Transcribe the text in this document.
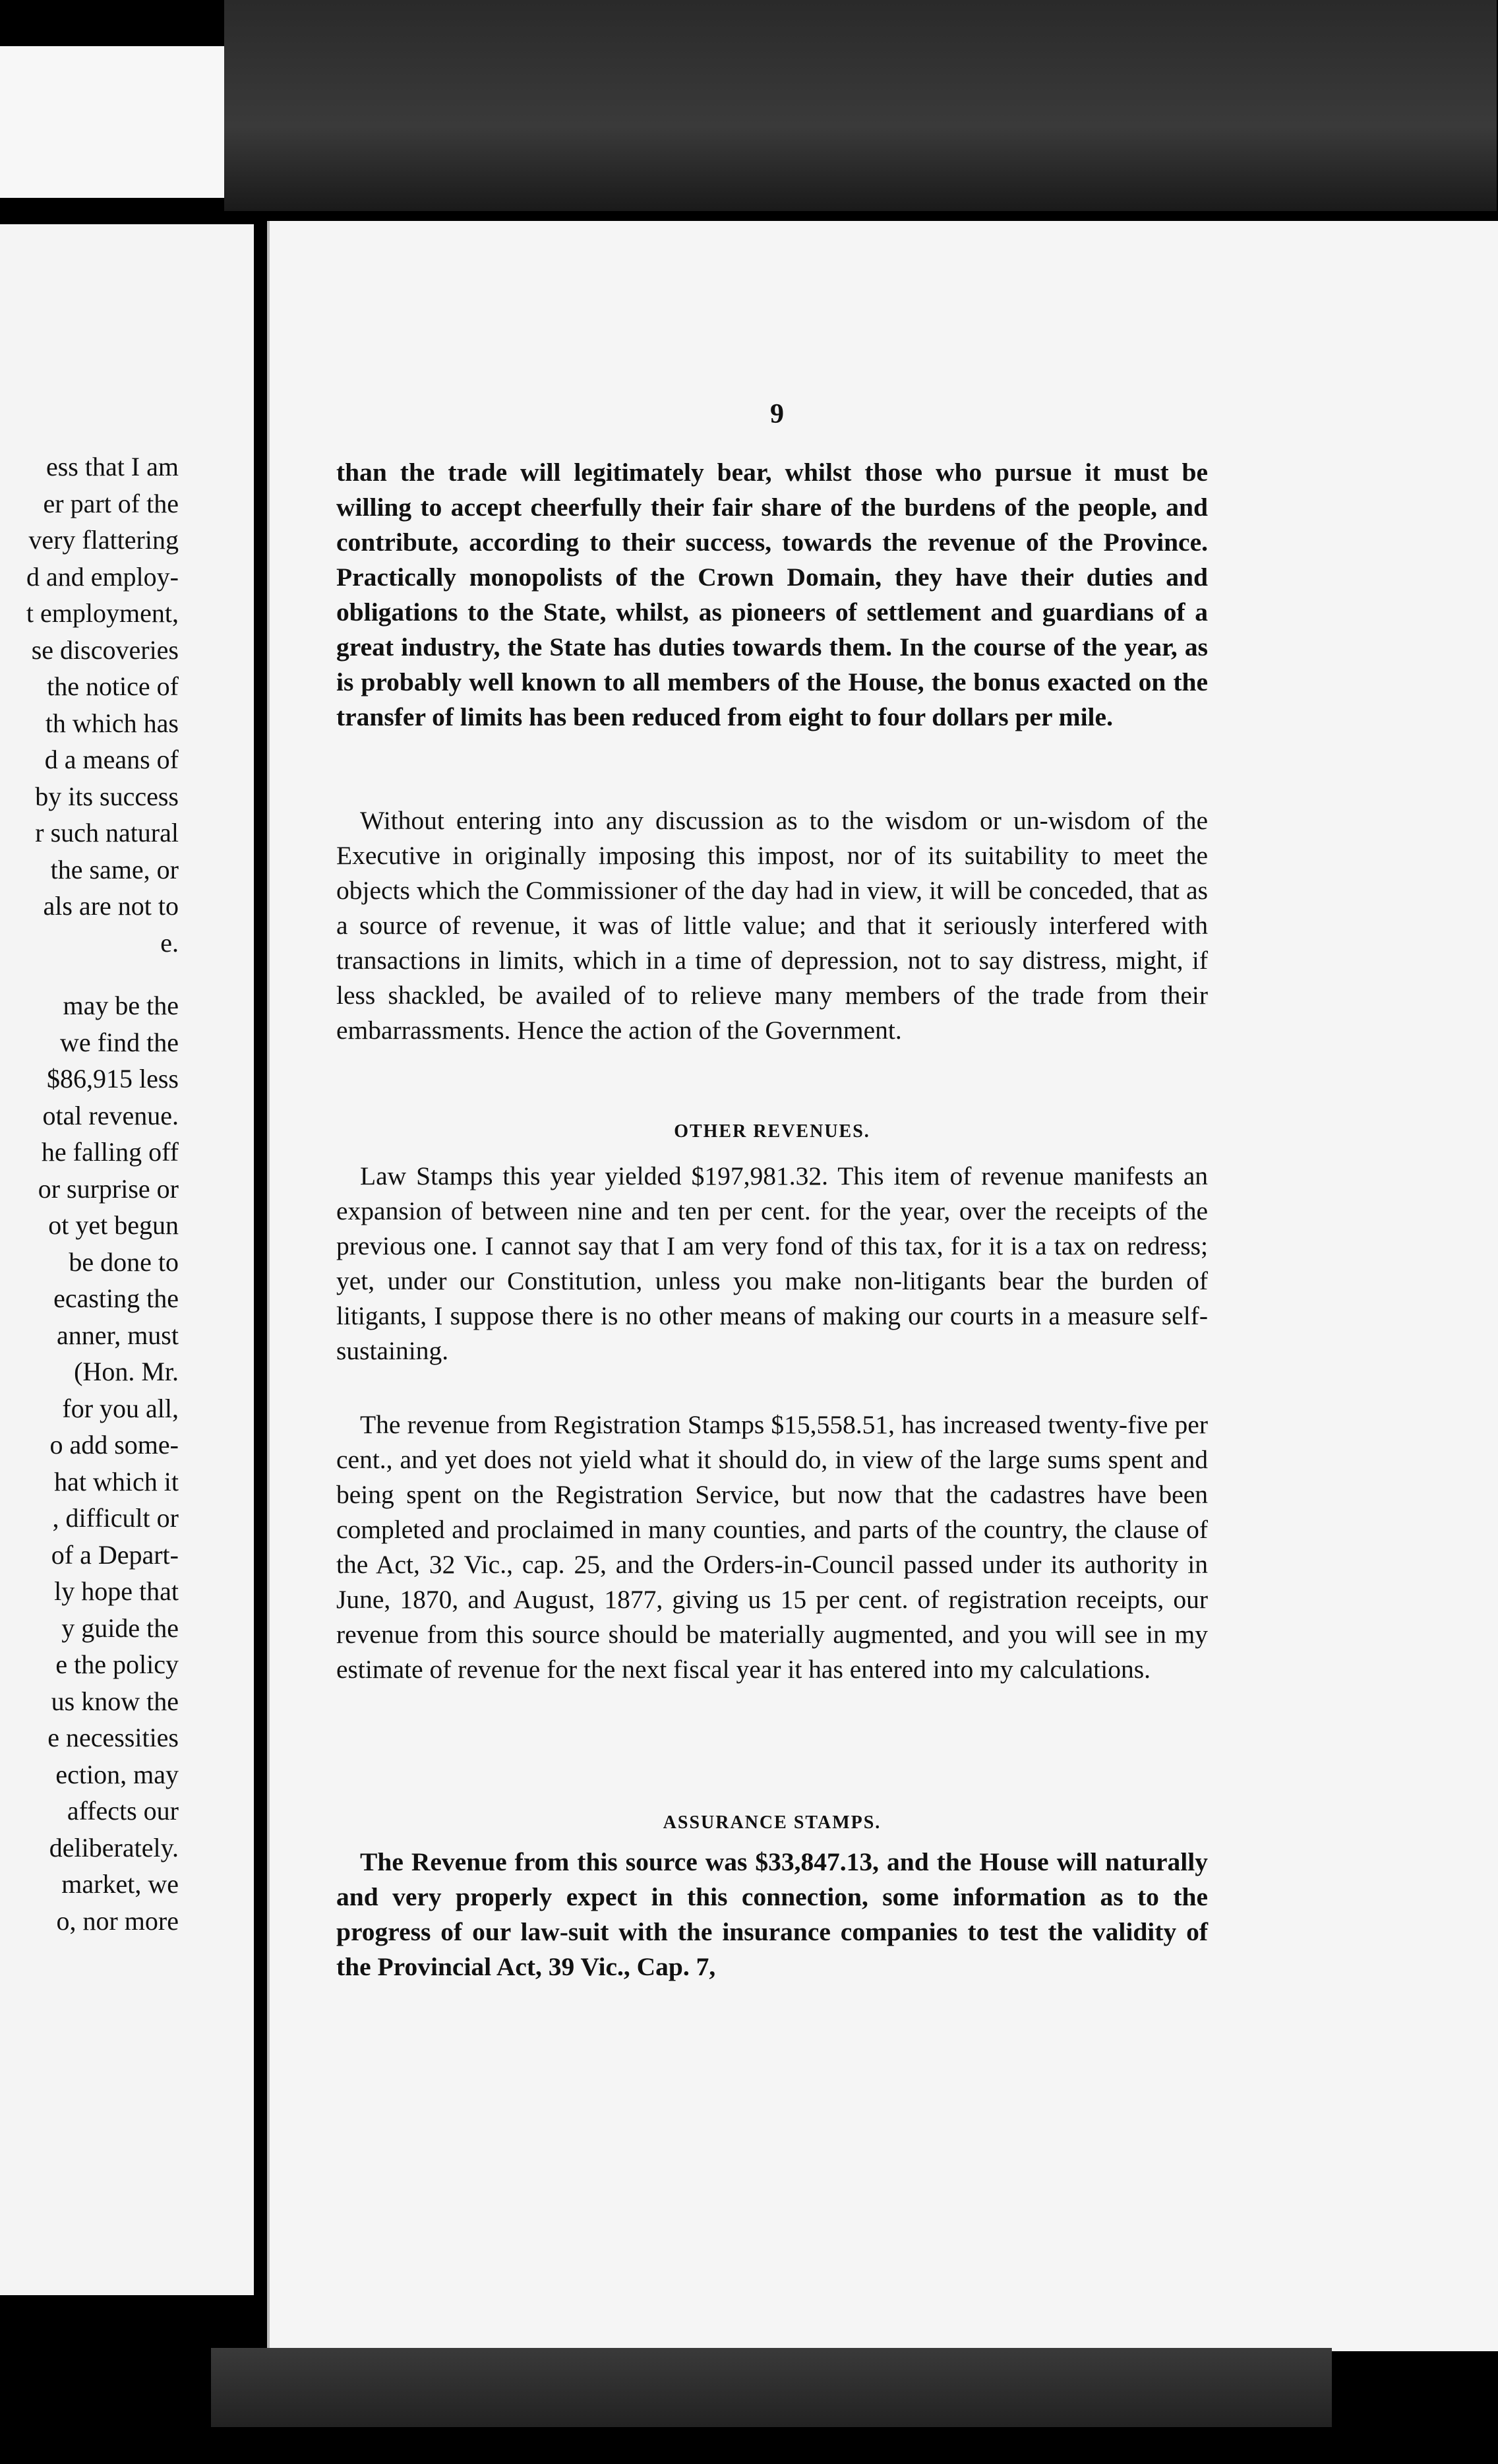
ess that I am
er part of the
very flattering
d and employ-
t employment,
se discoveries
the notice of
th which has
d a means of
by its success
r such natural
the same, or
als are not to
e.
may be the
we find the
$86,915 less
otal revenue.
he falling off
or surprise or
ot yet begun
be done to
ecasting the
anner, must
(Hon. Mr.
for you all,
o add some-
hat which it
, difficult or
of a Depart-
ly hope that
y guide the
e the policy
us know the
e necessities
ection, may
affects our
deliberately.
market, we
o, nor more
9

than the trade will legitimately bear, whilst those who pursue it must be willing to accept cheerfully their fair share of the burdens of the people, and contribute, according to their success, towards the revenue of the Province. Practically monopolists of the Crown Domain, they have their duties and obligations to the State, whilst, as pioneers of settlement and guardians of a great industry, the State has duties towards them. In the course of the year, as is probably well known to all members of the House, the bonus exacted on the transfer of limits has been reduced from eight to four dollars per mile.

Without entering into any discussion as to the wisdom or un-wisdom of the Executive in originally imposing this impost, nor of its suitability to meet the objects which the Commissioner of the day had in view, it will be conceded, that as a source of revenue, it was of little value; and that it seriously interfered with transactions in limits, which in a time of depression, not to say distress, might, if less shackled, be availed of to relieve many members of the trade from their embarrassments. Hence the action of the Government.

OTHER REVENUES.

Law Stamps this year yielded $197,981.32. This item of revenue manifests an expansion of between nine and ten per cent. for the year, over the receipts of the previous one. I cannot say that I am very fond of this tax, for it is a tax on redress; yet, under our Constitution, unless you make non-litigants bear the burden of litigants, I suppose there is no other means of making our courts in a measure self-sustaining.

The revenue from Registration Stamps $15,558.51, has increased twenty-five per cent., and yet does not yield what it should do, in view of the large sums spent and being spent on the Registration Service, but now that the cadastres have been completed and proclaimed in many counties, and parts of the country, the clause of the Act, 32 Vic., cap. 25, and the Orders-in-Council passed under its authority in June, 1870, and August, 1877, giving us 15 per cent. of registration receipts, our revenue from this source should be materially augmented, and you will see in my estimate of revenue for the next fiscal year it has entered into my calculations.

ASSURANCE STAMPS.

The Revenue from this source was $33,847.13, and the House will naturally and very properly expect in this connection, some information as to the progress of our law-suit with the insurance companies to test the validity of the Provincial Act, 39 Vic., Cap. 7,
